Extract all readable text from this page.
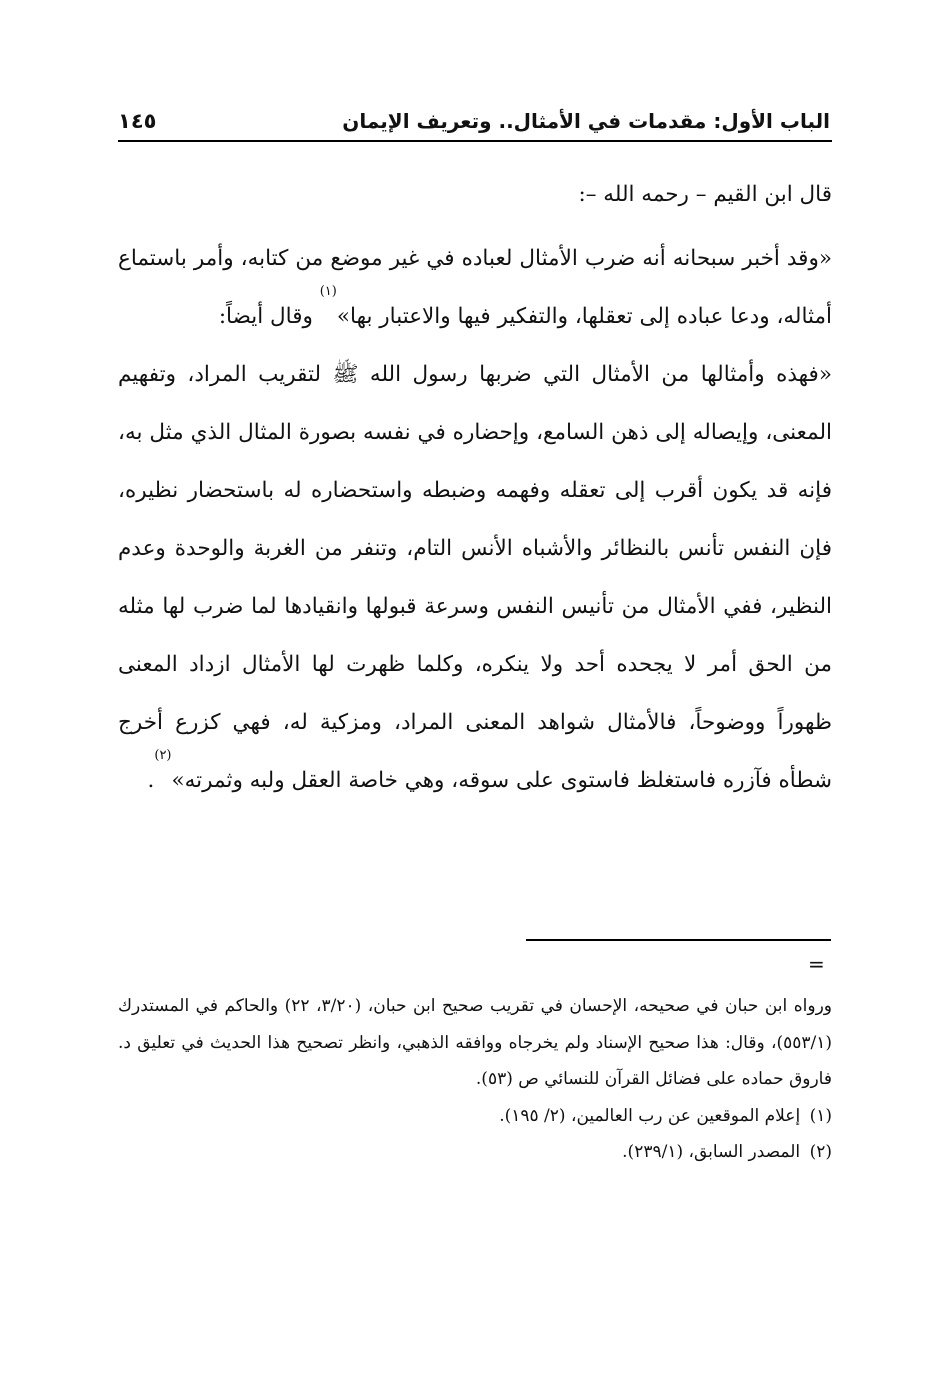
١٤٥	الباب الأول: مقدمات في الأمثال.. وتعريف الإيمان

قال ابن القيم – رحمه الله –:

«وقد أخبر سبحانه أنه ضرب الأمثال لعباده في غير موضع من كتابه، وأمر باستماع أمثاله، ودعا عباده إلى تعقلها، والتفكير فيها والاعتبار بها»$^{(١)}$ وقال أيضاً:

«فهذه وأمثالها من الأمثال التي ضربها رسول الله ﷺ لتقريب المراد، وتفهيم المعنى، وإيصاله إلى ذهن السامع، وإحضاره في نفسه بصورة المثال الذي مثل به، فإنه قد يكون أقرب إلى تعقله وفهمه وضبطه واستحضاره له باستحضار نظيره، فإن النفس تأنس بالنظائر والأشباه الأنس التام، وتنفر من الغربة والوحدة وعدم النظير، ففي الأمثال من تأنيس النفس وسرعة قبولها وانقيادها لما ضرب لها مثله من الحق أمر لا يجحده أحد ولا ينكره، وكلما ظهرت لها الأمثال ازداد المعنى ظهوراً ووضوحاً، فالأمثال شواهد المعنى المراد، ومزكية له، فهي كزرع أخرج شطأه فآزره فاستغلظ فاستوى على سوقه، وهي خاصة العقل ولبه وثمرته»$^{(٢)}$.

=

ورواه ابن حبان في صحيحه، الإحسان في تقريب صحيح ابن حبان، (٣/٢٠، ٢٢) والحاكم في المستدرك (٥٥٣/١)، وقال: هذا صحيح الإسناد ولم يخرجاه ووافقه الذهبي، وانظر تصحيح هذا الحديث في تعليق د. فاروق حماده على فضائل القرآن للنسائي ص (٥٣).

(١) إعلام الموقعين عن رب العالمين، (٢/ ١٩٥).

(٢) المصدر السابق، (٢٣٩/١).
